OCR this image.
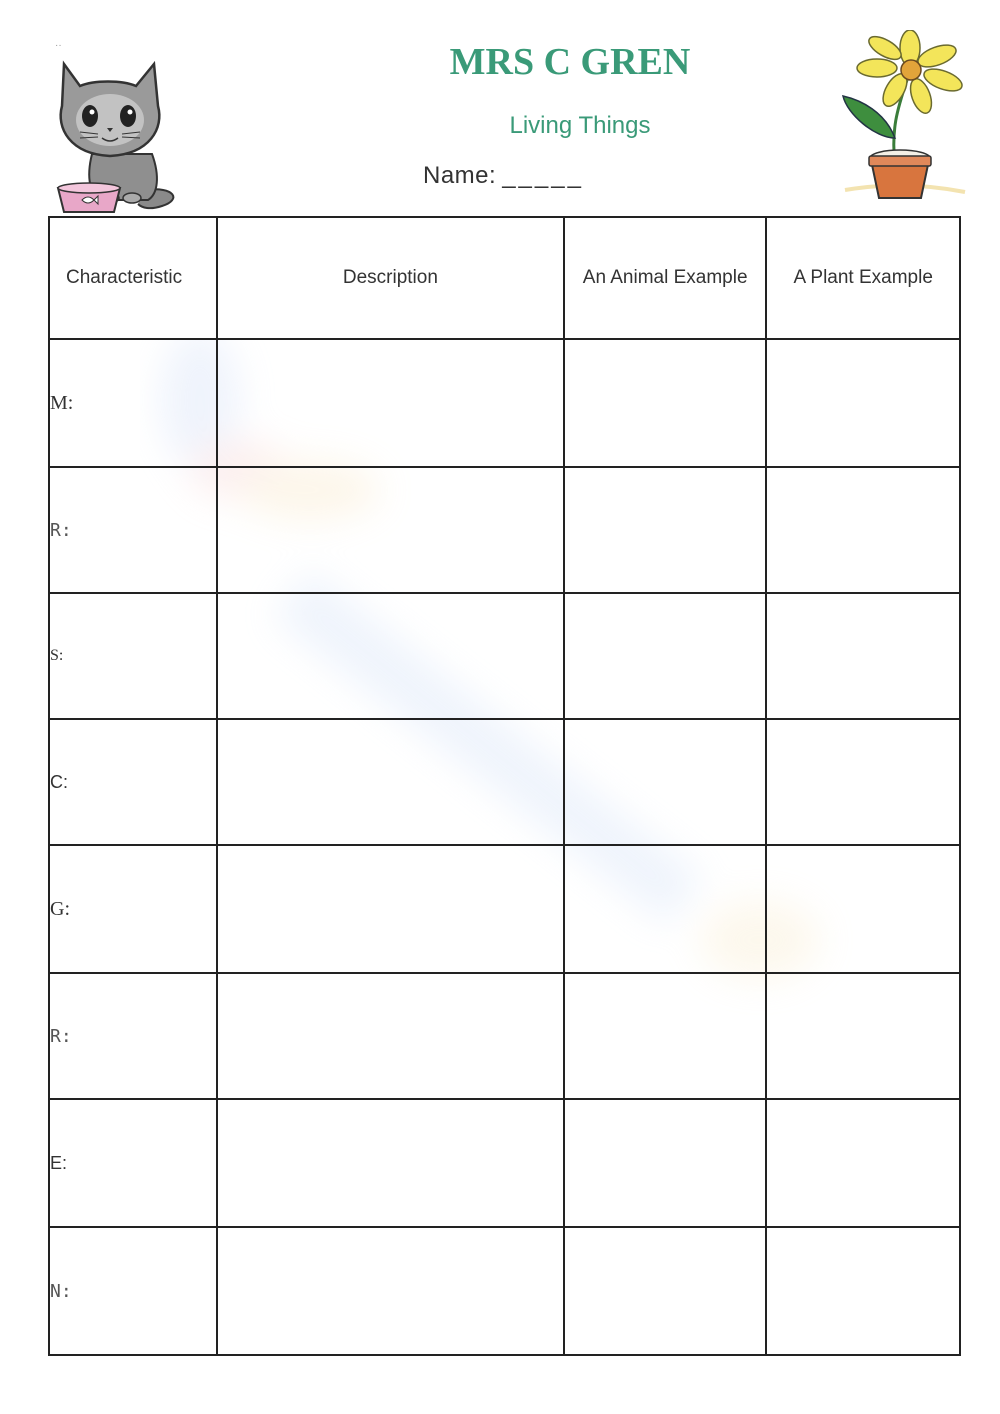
··	MRS C GREN
Living Things
Name: _____
Characteristic	Description	An Animal Example	A Plant Example
M:			
R:			
S:			
C:			
G:			
R:			
E:			
N:			
